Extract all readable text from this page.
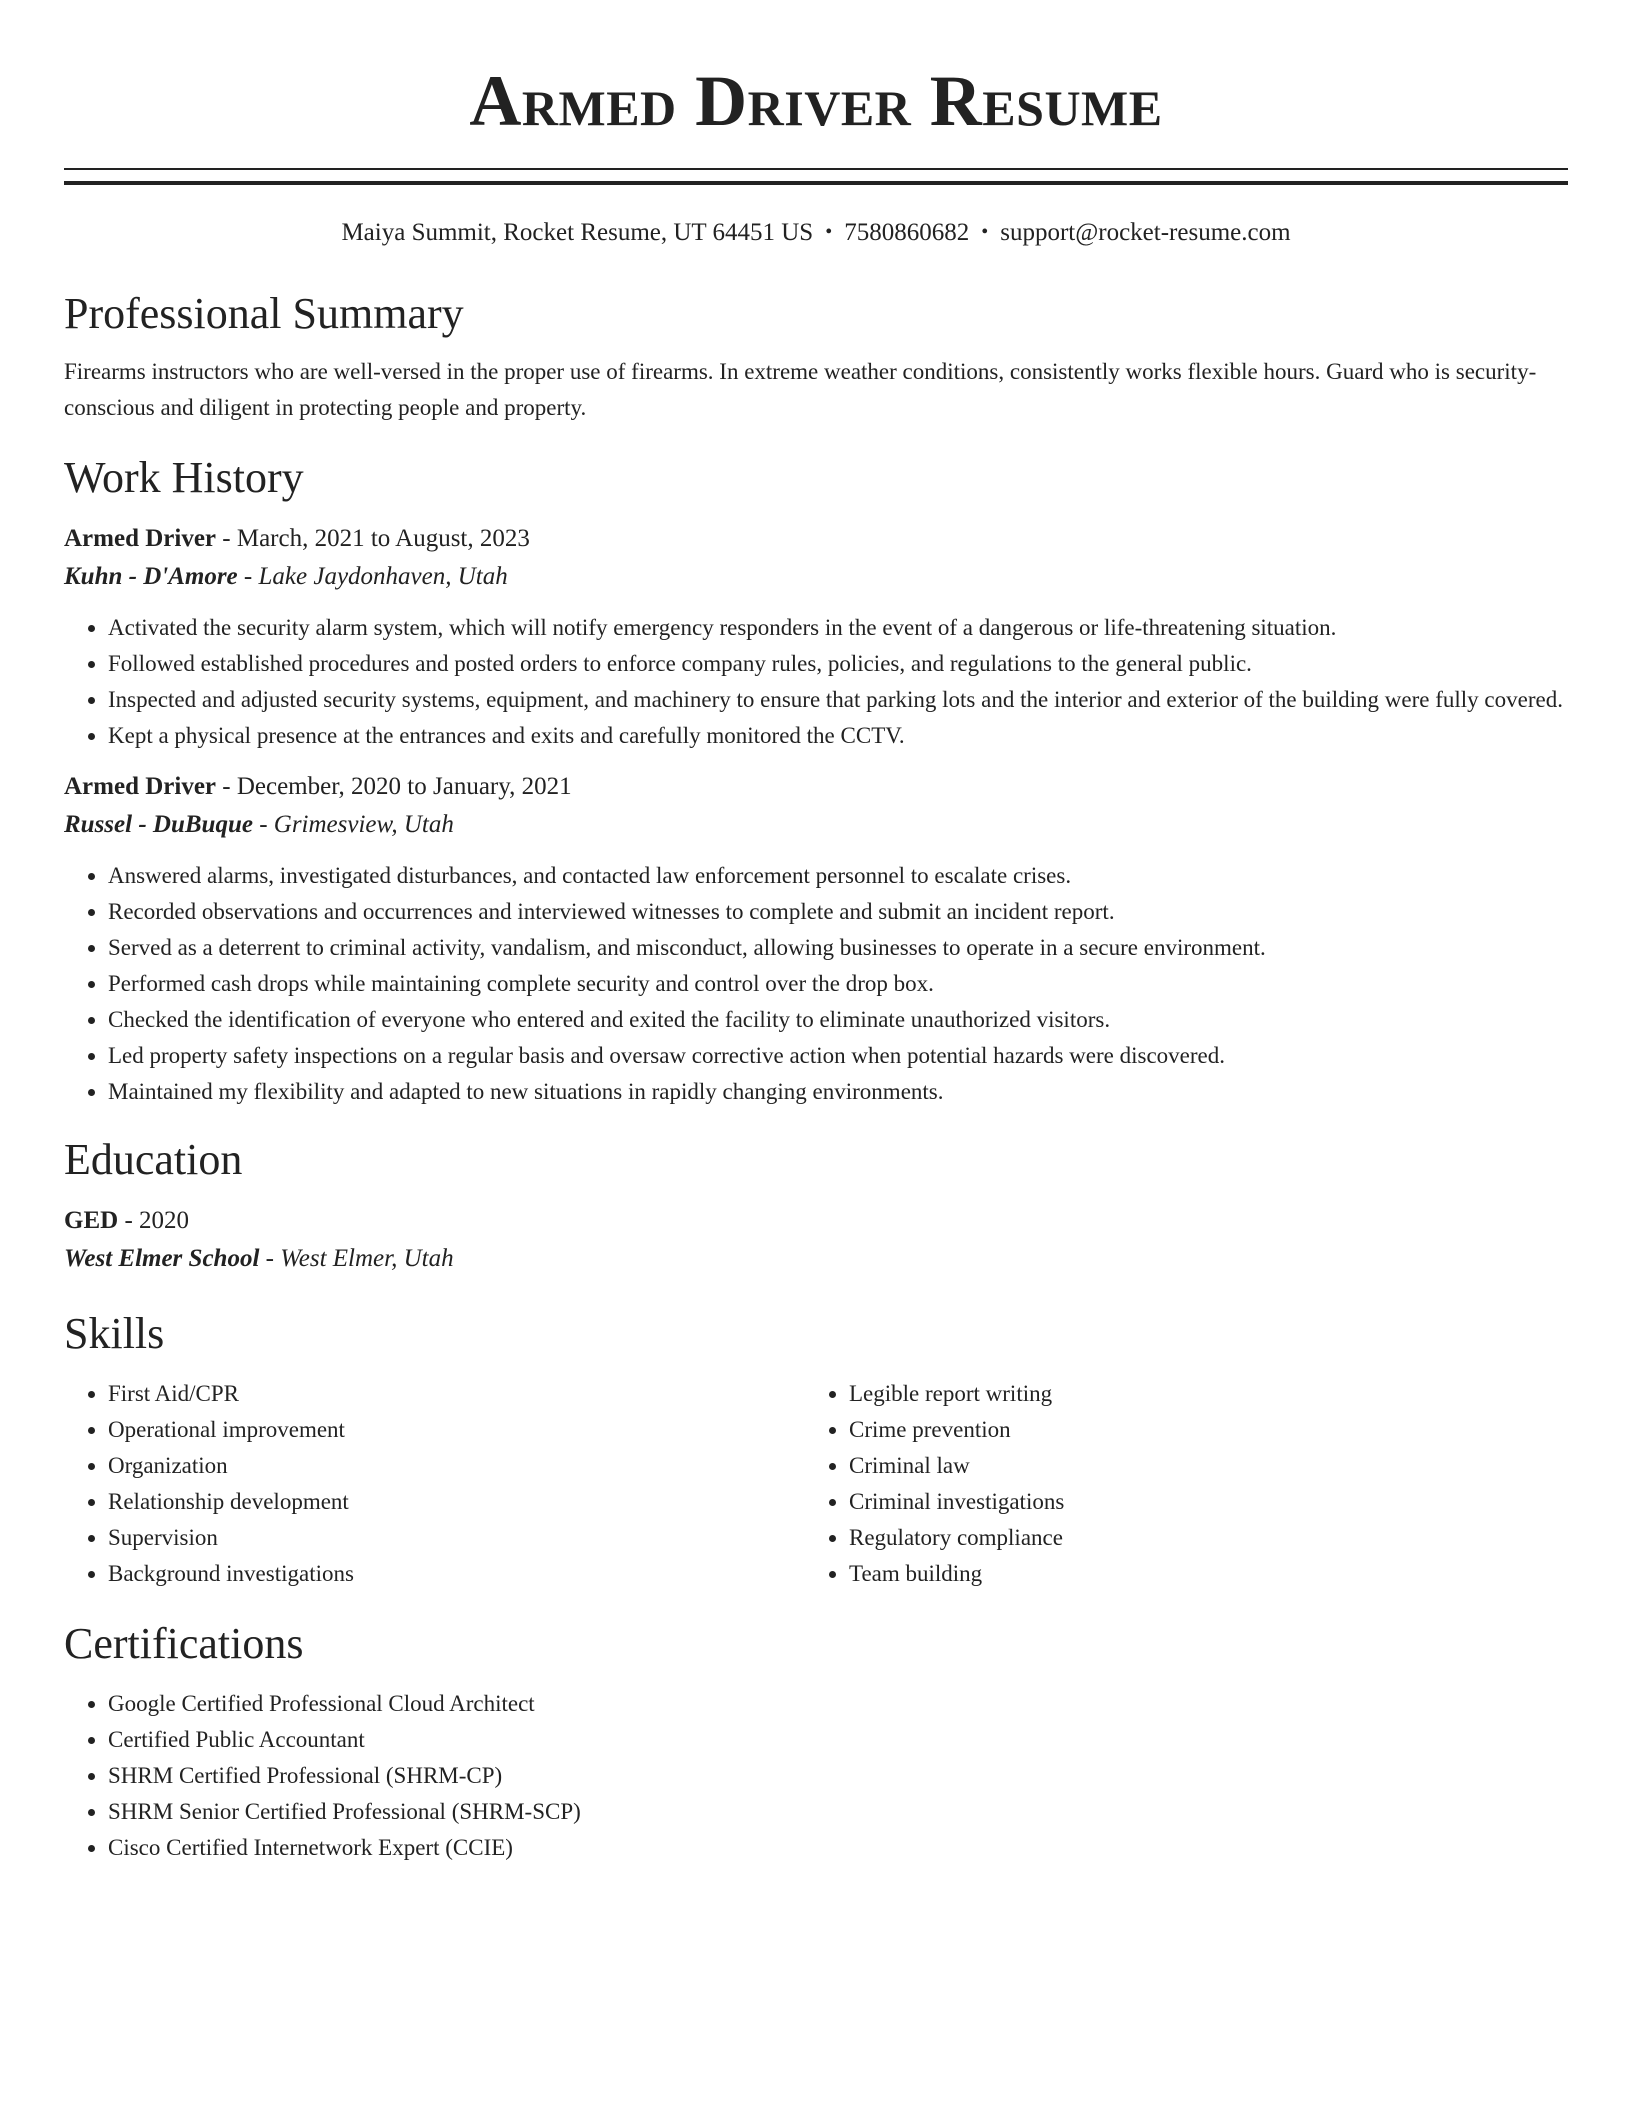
Armed Driver Resume
Maiya Summit, Rocket Resume, UT 64451 US • 7580860682 • support@rocket-resume.com
Professional Summary
Firearms instructors who are well-versed in the proper use of firearms. In extreme weather conditions, consistently works flexible hours. Guard who is security-conscious and diligent in protecting people and property.
Work History
Armed Driver - March, 2021 to August, 2023
Kuhn - D'Amore - Lake Jaydonhaven, Utah
• Activated the security alarm system, which will notify emergency responders in the event of a dangerous or life-threatening situation.
• Followed established procedures and posted orders to enforce company rules, policies, and regulations to the general public.
• Inspected and adjusted security systems, equipment, and machinery to ensure that parking lots and the interior and exterior of the building were fully covered.
• Kept a physical presence at the entrances and exits and carefully monitored the CCTV.
Armed Driver - December, 2020 to January, 2021
Russel - DuBuque - Grimesview, Utah
• Answered alarms, investigated disturbances, and contacted law enforcement personnel to escalate crises.
• Recorded observations and occurrences and interviewed witnesses to complete and submit an incident report.
• Served as a deterrent to criminal activity, vandalism, and misconduct, allowing businesses to operate in a secure environment.
• Performed cash drops while maintaining complete security and control over the drop box.
• Checked the identification of everyone who entered and exited the facility to eliminate unauthorized visitors.
• Led property safety inspections on a regular basis and oversaw corrective action when potential hazards were discovered.
• Maintained my flexibility and adapted to new situations in rapidly changing environments.
Education
GED - 2020
West Elmer School - West Elmer, Utah
Skills
• First Aid/CPR
• Operational improvement
• Organization
• Relationship development
• Supervision
• Background investigations
• Legible report writing
• Crime prevention
• Criminal law
• Criminal investigations
• Regulatory compliance
• Team building
Certifications
• Google Certified Professional Cloud Architect
• Certified Public Accountant
• SHRM Certified Professional (SHRM-CP)
• SHRM Senior Certified Professional (SHRM-SCP)
• Cisco Certified Internetwork Expert (CCIE)
